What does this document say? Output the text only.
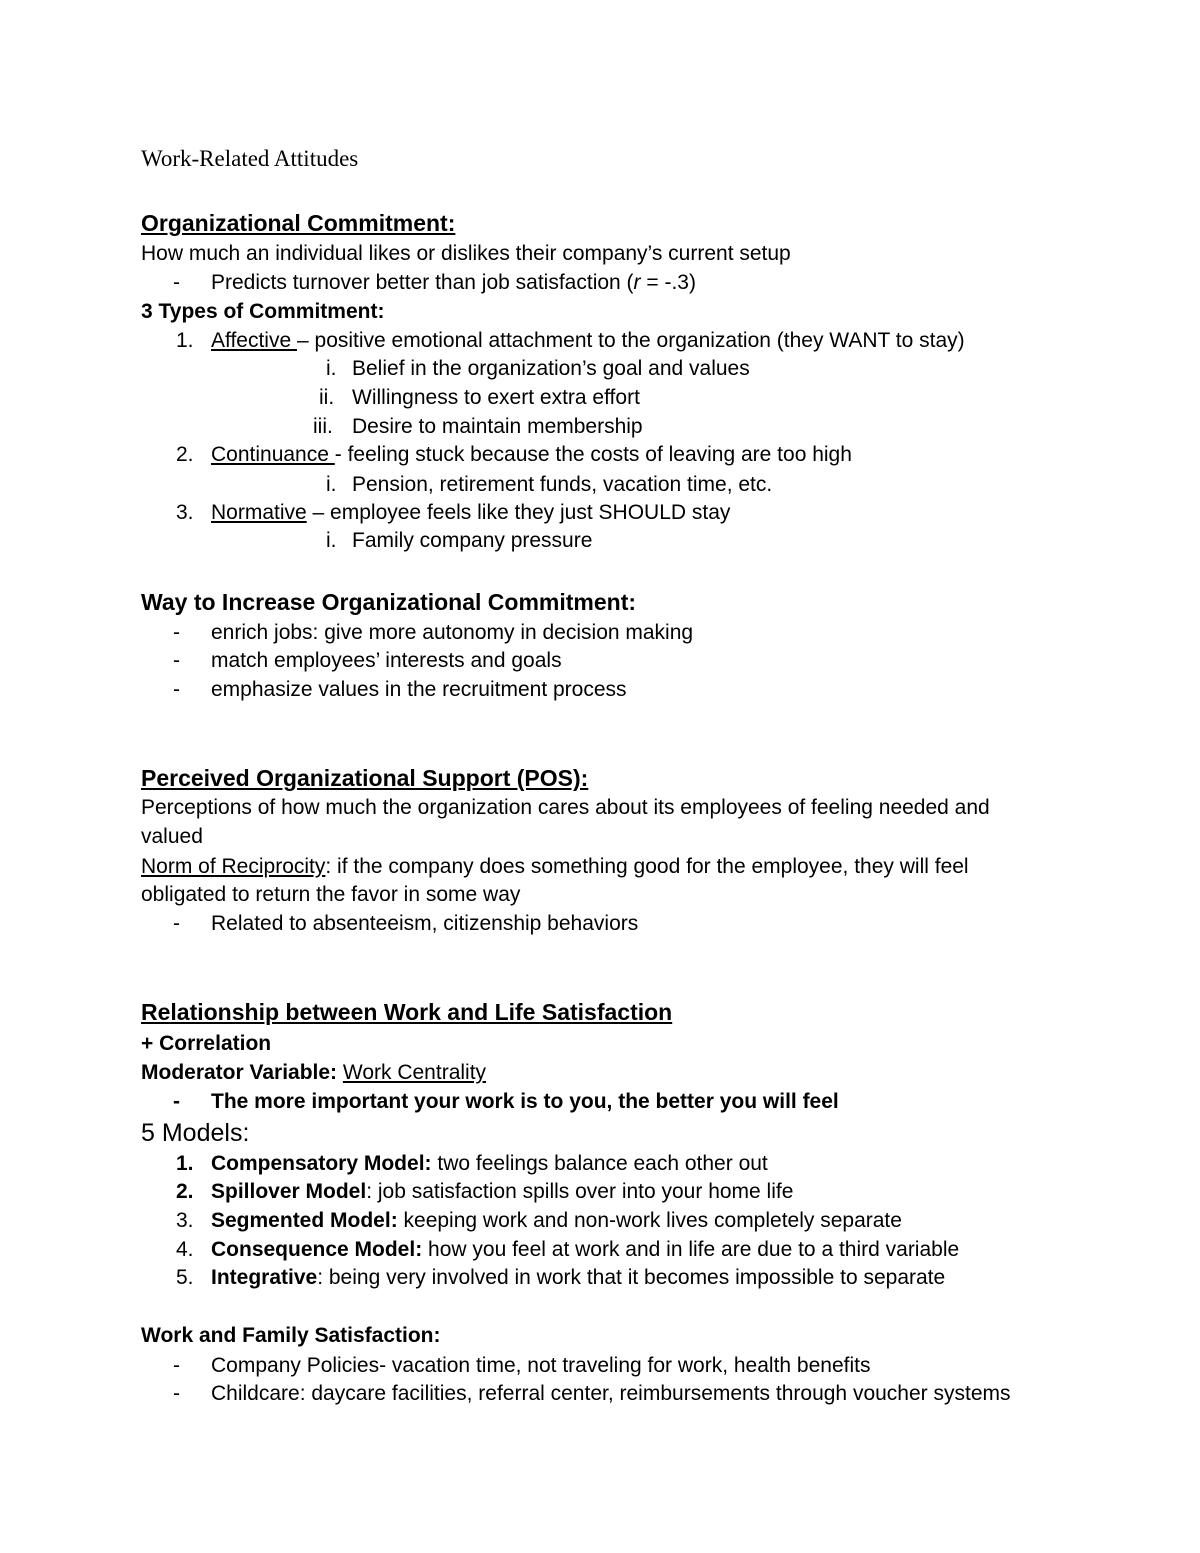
Work-Related Attitudes
Organizational Commitment:
How much an individual likes or dislikes their company’s current setup
- Predicts turnover better than job satisfaction (r = -.3)
3 Types of Commitment:
1. Affective – positive emotional attachment to the organization (they WANT to stay)
i. Belief in the organization’s goal and values
ii. Willingness to exert extra effort
iii. Desire to maintain membership
2. Continuance - feeling stuck because the costs of leaving are too high
i. Pension, retirement funds, vacation time, etc.
3. Normative – employee feels like they just SHOULD stay
i. Family company pressure
Way to Increase Organizational Commitment:
- enrich jobs: give more autonomy in decision making
- match employees’ interests and goals
- emphasize values in the recruitment process
Perceived Organizational Support (POS):
Perceptions of how much the organization cares about its employees of feeling needed and
valued
Norm of Reciprocity: if the company does something good for the employee, they will feel
obligated to return the favor in some way
- Related to absenteeism, citizenship behaviors
Relationship between Work and Life Satisfaction
+ Correlation
Moderator Variable: Work Centrality
- The more important your work is to you, the better you will feel
5 Models:
1. Compensatory Model: two feelings balance each other out
2. Spillover Model: job satisfaction spills over into your home life
3. Segmented Model: keeping work and non-work lives completely separate
4. Consequence Model: how you feel at work and in life are due to a third variable
5. Integrative: being very involved in work that it becomes impossible to separate
Work and Family Satisfaction:
- Company Policies- vacation time, not traveling for work, health benefits
- Childcare: daycare facilities, referral center, reimbursements through voucher systems
